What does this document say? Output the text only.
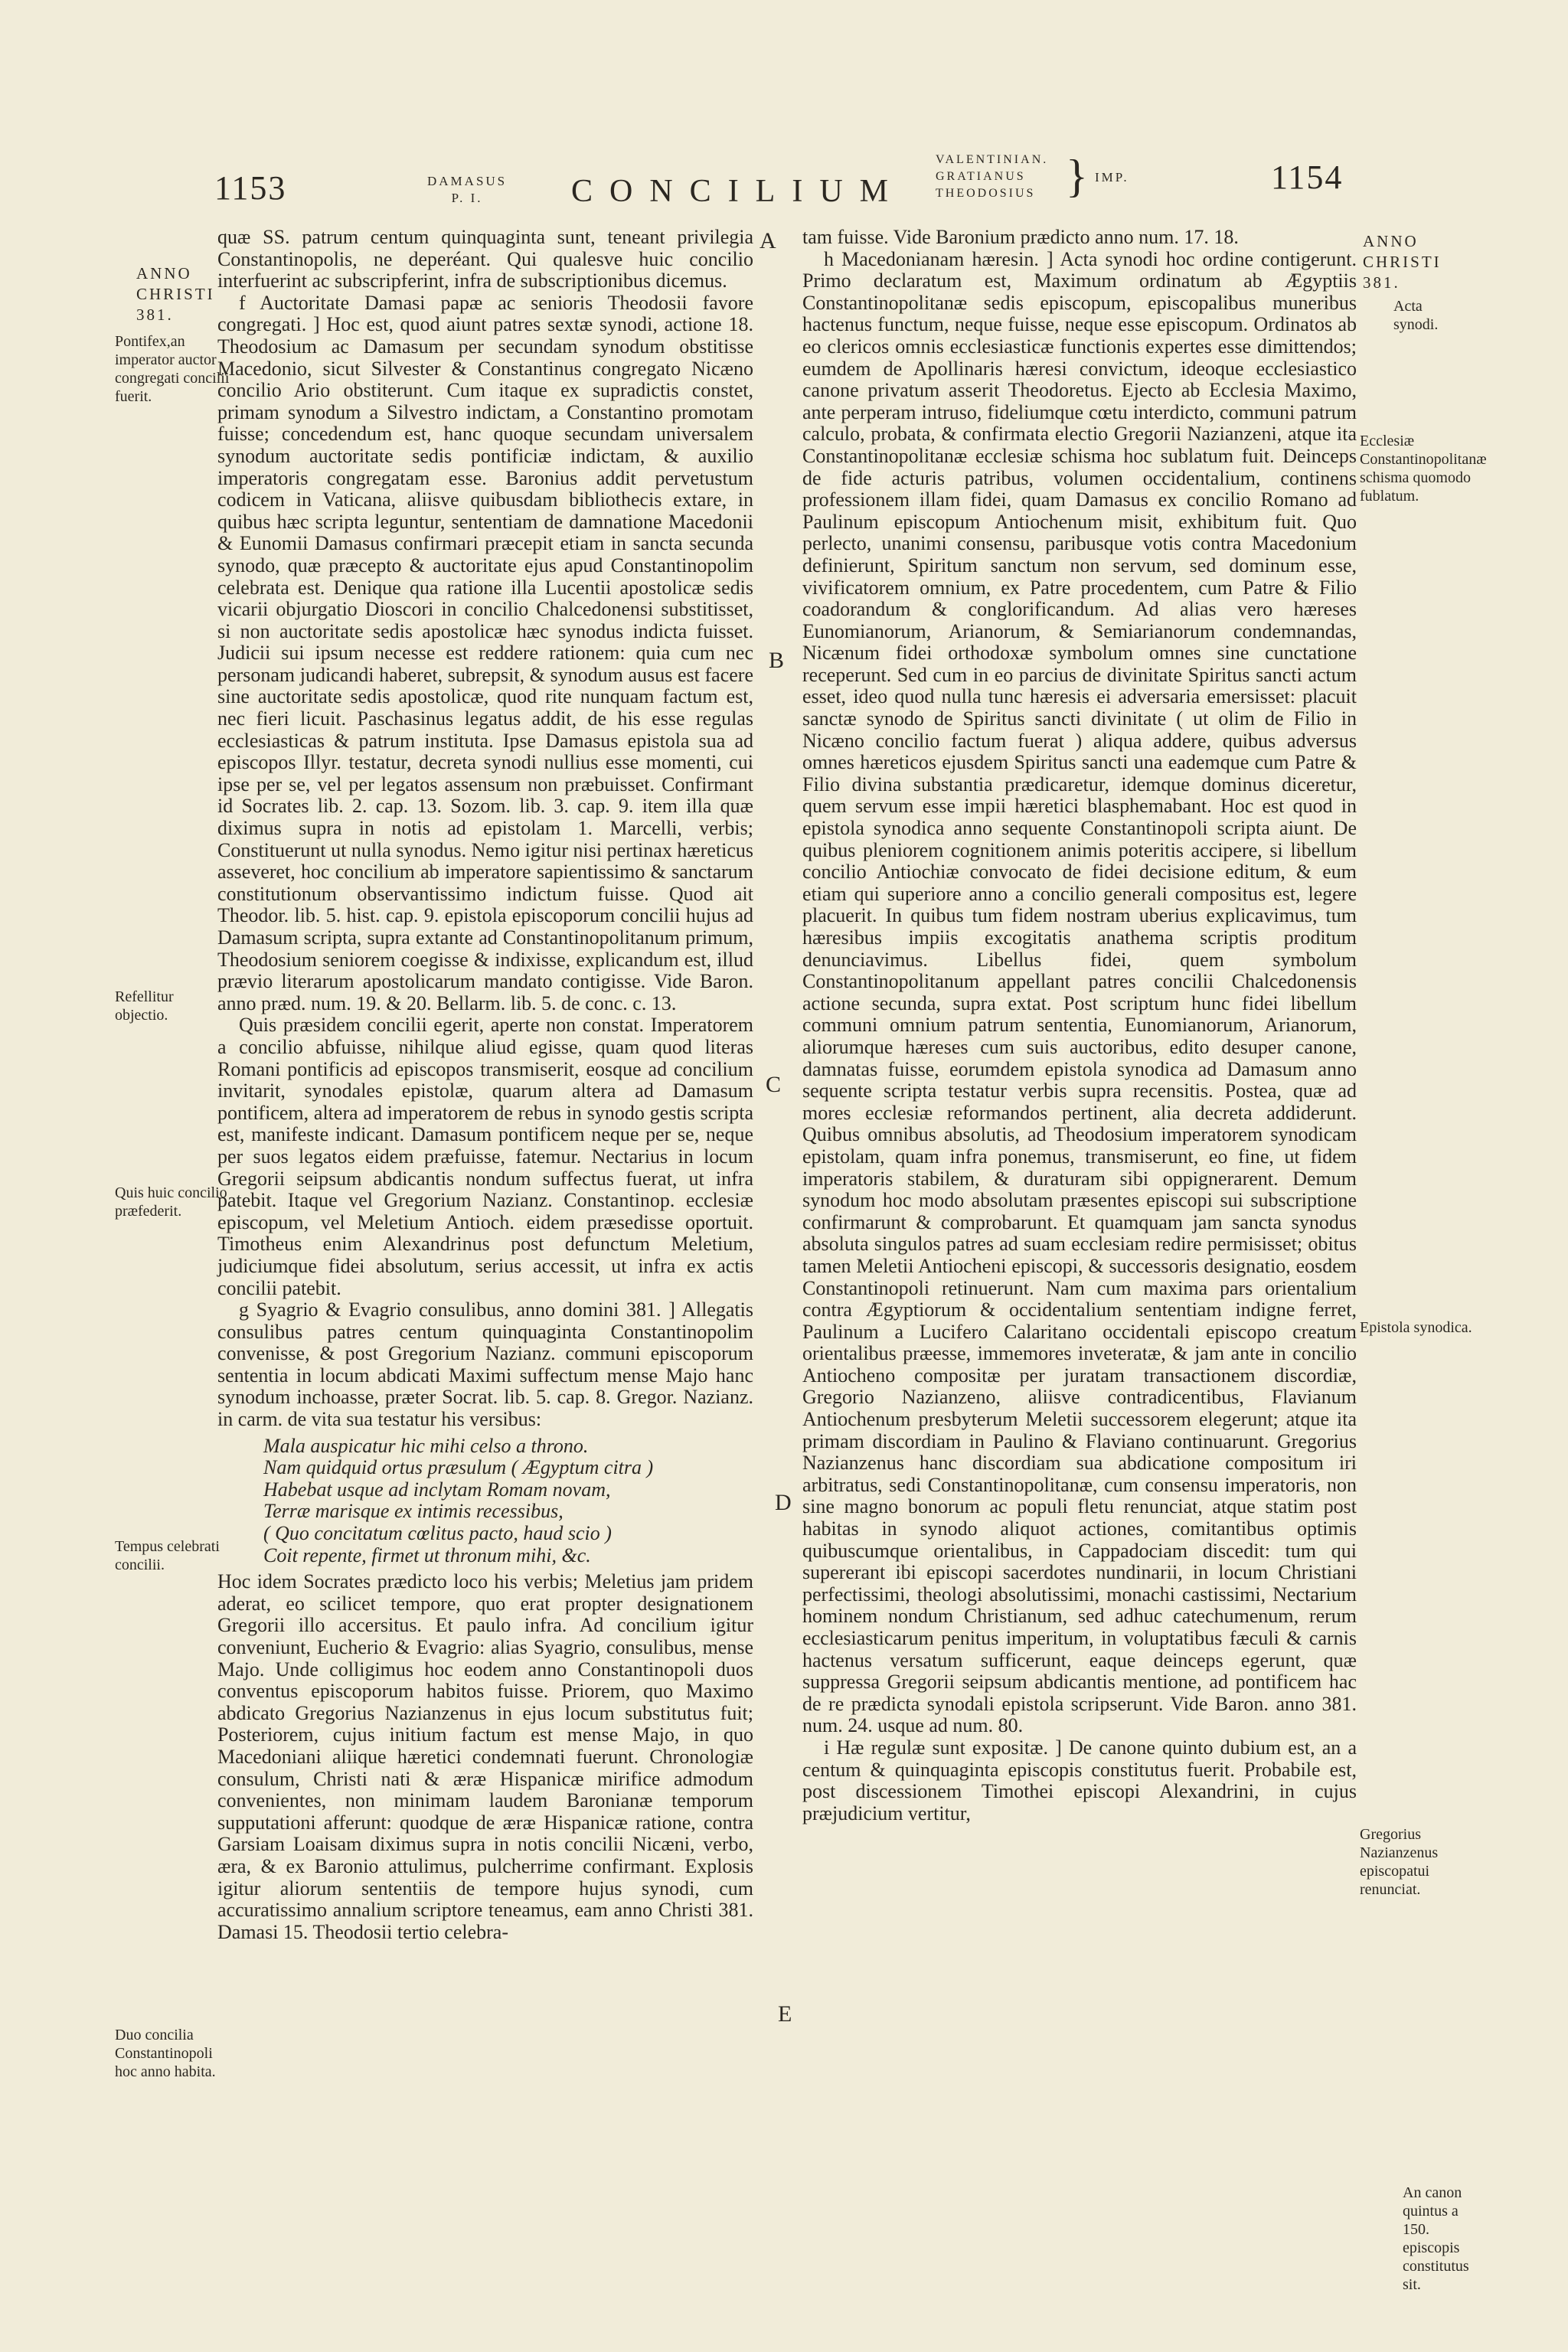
1153	DAMASUS
P. I.	CONCILIUM
VALENTINIAN.
GRATIANUS
THEODOSIUS } IMP.	1154
A
B
C
D
E
ANNO
CHRISTI
381.
Pontifex,an imperator auctor congregati concilii fuerit.
Refellitur objectio.
Quis huic concilio præfederit.
Tempus celebrati concilii.
Duo concilia Constantinopoli hoc anno habita.
ANNO
CHRISTI
381.
Acta synodi.
Ecclesiæ Constantinopolitanæ schisma quomodo fublatum.
Epistola synodica.
Gregorius Nazianzenus episcopatui renunciat.
An canon quintus a 150. episcopis constitutus sit.

quæ SS. patrum centum quinquaginta sunt, teneant privilegia Constantinopolis, ne deperéant. Qui qualesve huic concilio interfuerint ac subscripferint, infra de subscriptionibus dicemus.

f Auctoritate Damasi papæ ac senioris Theodosii favore congregati. ] Hoc est, quod aiunt patres sextæ synodi, actione 18. Theodosium ac Damasum per secundam synodum obstitisse Macedonio, sicut Silvester & Constantinus congregato Nicæno concilio Ario obstiterunt. Cum itaque ex supradictis constet, primam synodum a Silvestro indictam, a Constantino promotam fuisse; concedendum est, hanc quoque secundam universalem synodum auctoritate sedis pontificiæ indictam, & auxilio imperatoris congregatam esse. Baronius addit pervetustum codicem in Vaticana, aliisve quibusdam bibliothecis extare, in quibus hæc scripta leguntur, sententiam de damnatione Macedonii & Eunomii Damasus confirmari præcepit etiam in sancta secunda synodo, quæ præcepto & auctoritate ejus apud Constantinopolim celebrata est. Denique qua ratione illa Lucentii apostolicæ sedis vicarii objurgatio Dioscori in concilio Chalcedonensi substitisset, si non auctoritate sedis apostolicæ hæc synodus indicta fuisset. Judicii sui ipsum necesse est reddere rationem: quia cum nec personam judicandi haberet, subrepsit, & synodum ausus est facere sine auctoritate sedis apostolicæ, quod rite nunquam factum est, nec fieri licuit. Paschasinus legatus addit, de his esse regulas ecclesiasticas & patrum instituta. Ipse Damasus epistola sua ad episcopos Illyr. testatur, decreta synodi nullius esse momenti, cui ipse per se, vel per legatos assensum non præbuisset. Confirmant id Socrates lib. 2. cap. 13. Sozom. lib. 3. cap. 9. item illa quæ diximus supra in notis ad epistolam 1. Marcelli, verbis; Constituerunt ut nulla synodus. Nemo igitur nisi pertinax hæreticus asseveret, hoc concilium ab imperatore sapientissimo & sanctarum constitutionum observantissimo indictum fuisse. Quod ait Theodor. lib. 5. hist. cap. 9. epistola episcoporum concilii hujus ad Damasum scripta, supra extante ad Constantinopolitanum primum, Theodosium seniorem coegisse & indixisse, explicandum est, illud prævio literarum apostolicarum mandato contigisse. Vide Baron. anno præd. num. 19. & 20. Bellarm. lib. 5. de conc. c. 13.

Quis præsidem concilii egerit, aperte non constat. Imperatorem a concilio abfuisse, nihilque aliud egisse, quam quod literas Romani pontificis ad episcopos transmiserit, eosque ad concilium invitarit, synodales epistolæ, quarum altera ad Damasum pontificem, altera ad imperatorem de rebus in synodo gestis scripta est, manifeste indicant. Damasum pontificem neque per se, neque per suos legatos eidem præfuisse, fatemur. Nectarius in locum Gregorii seipsum abdicantis nondum suffectus fuerat, ut infra patebit. Itaque vel Gregorium Nazianz. Constantinop. ecclesiæ episcopum, vel Meletium Antioch. eidem præsedisse oportuit. Timotheus enim Alexandrinus post defunctum Meletium, judiciumque fidei absolutum, serius accessit, ut infra ex actis concilii patebit.

g Syagrio & Evagrio consulibus, anno domini 381. ] Allegatis consulibus patres centum quinquaginta Constantinopolim convenisse, & post Gregorium Nazianz. communi episcoporum sententia in locum abdicati Maximi suffectum mense Majo hanc synodum inchoasse, præter Socrat. lib. 5. cap. 8. Gregor. Nazianz. in carm. de vita sua testatur his versibus:

Mala auspicatur hic mihi celso a throno.
Nam quidquid ortus præsulum ( Ægyptum citra )
Habebat usque ad inclytam Romam novam,
Terræ marisque ex intimis recessibus,
( Quo concitatum cœlitus pacto, haud scio )
Coit repente, firmet ut thronum mihi, &c.

Hoc idem Socrates prædicto loco his verbis; Meletius jam pridem aderat, eo scilicet tempore, quo erat propter designationem Gregorii illo accersitus. Et paulo infra. Ad concilium igitur conveniunt, Eucherio & Evagrio: alias Syagrio, consulibus, mense Majo. Unde colligimus hoc eodem anno Constantinopoli duos conventus episcoporum habitos fuisse. Priorem, quo Maximo abdicato Gregorius Nazianzenus in ejus locum substitutus fuit; Posteriorem, cujus initium factum est mense Majo, in quo Macedoniani aliique hæretici condemnati fuerunt. Chronologiæ consulum, Christi nati & æræ Hispanicæ mirifice admodum convenientes, non minimam laudem Baronianæ temporum supputationi afferunt: quodque de æræ Hispanicæ ratione, contra Garsiam Loaisam diximus supra in notis concilii Nicæni, verbo, æra, & ex Baronio attulimus, pulcherrime confirmant. Explosis igitur aliorum sententiis de tempore hujus synodi, cum accuratissimo annalium scriptore teneamus, eam anno Christi 381. Damasi 15. Theodosii tertio celebra-

tam fuisse. Vide Baronium prædicto anno num. 17. 18.

h Macedonianam hæresin. ] Acta synodi hoc ordine contigerunt. Primo declaratum est, Maximum ordinatum ab Ægyptiis Constantinopolitanæ sedis episcopum, episcopalibus muneribus hactenus functum, neque fuisse, neque esse episcopum. Ordinatos ab eo clericos omnis ecclesiasticæ functionis expertes esse dimittendos; eumdem de Apollinaris hæresi convictum, ideoque ecclesiastico canone privatum asserit Theodoretus. Ejecto ab Ecclesia Maximo, ante perperam intruso, fideliumque cœtu interdicto, communi patrum calculo, probata, & confirmata electio Gregorii Nazianzeni, atque ita Constantinopolitanæ ecclesiæ schisma hoc sublatum fuit. Deinceps de fide acturis patribus, volumen occidentalium, continens professionem illam fidei, quam Damasus ex concilio Romano ad Paulinum episcopum Antiochenum misit, exhibitum fuit. Quo perlecto, unanimi consensu, paribusque votis contra Macedonium definierunt, Spiritum sanctum non servum, sed dominum esse, vivificatorem omnium, ex Patre procedentem, cum Patre & Filio coadorandum & conglorificandum. Ad alias vero hæreses Eunomianorum, Arianorum, & Semiarianorum condemnandas, Nicænum fidei orthodoxæ symbolum omnes sine cunctatione receperunt. Sed cum in eo parcius de divinitate Spiritus sancti actum esset, ideo quod nulla tunc hæresis ei adversaria emersisset: placuit sanctæ synodo de Spiritus sancti divinitate ( ut olim de Filio in Nicæno concilio factum fuerat ) aliqua addere, quibus adversus omnes hæreticos ejusdem Spiritus sancti una eademque cum Patre & Filio divina substantia prædicaretur, idemque dominus diceretur, quem servum esse impii hæretici blasphemabant. Hoc est quod in epistola synodica anno sequente Constantinopoli scripta aiunt. De quibus pleniorem cognitionem animis poteritis accipere, si libellum concilio Antiochiæ convocato de fidei decisione editum, & eum etiam qui superiore anno a concilio generali compositus est, legere placuerit. In quibus tum fidem nostram uberius explicavimus, tum hæresibus impiis excogitatis anathema scriptis proditum denunciavimus. Libellus fidei, quem symbolum Constantinopolitanum appellant patres concilii Chalcedonensis actione secunda, supra extat. Post scriptum hunc fidei libellum communi omnium patrum sententia, Eunomianorum, Arianorum, aliorumque hæreses cum suis auctoribus, edito desuper canone, damnatas fuisse, eorumdem epistola synodica ad Damasum anno sequente scripta testatur verbis supra recensitis. Postea, quæ ad mores ecclesiæ reformandos pertinent, alia decreta addiderunt. Quibus omnibus absolutis, ad Theodosium imperatorem synodicam epistolam, quam infra ponemus, transmiserunt, eo fine, ut fidem imperatoris stabilem, & duraturam sibi oppignerarent. Demum synodum hoc modo absolutam præsentes episcopi sui subscriptione confirmarunt & comprobarunt. Et quamquam jam sancta synodus absoluta singulos patres ad suam ecclesiam redire permisisset; obitus tamen Meletii Antiocheni episcopi, & successoris designatio, eosdem Constantinopoli retinuerunt. Nam cum maxima pars orientalium contra Ægyptiorum & occidentalium sententiam indigne ferret, Paulinum a Lucifero Calaritano occidentali episcopo creatum orientalibus præesse, immemores inveteratæ, & jam ante in concilio Antiocheno compositæ per juratam transactionem discordiæ, Gregorio Nazianzeno, aliisve contradicentibus, Flavianum Antiochenum presbyterum Meletii successorem elegerunt; atque ita primam discordiam in Paulino & Flaviano continuarunt. Gregorius Nazianzenus hanc discordiam sua abdicatione compositum iri arbitratus, sedi Constantinopolitanæ, cum consensu imperatoris, non sine magno bonorum ac populi fletu renunciat, atque statim post habitas in synodo aliquot actiones, comitantibus optimis quibuscumque orientalibus, in Cappadociam discedit: tum qui supererant ibi episcopi sacerdotes nundinarii, in locum Christiani perfectissimi, theologi absolutissimi, monachi castissimi, Nectarium hominem nondum Christianum, sed adhuc catechumenum, rerum ecclesiasticarum penitus imperitum, in voluptatibus fæculi & carnis hactenus versatum sufficerunt, eaque deinceps egerunt, quæ suppressa Gregorii seipsum abdicantis mentione, ad pontificem hac de re prædicta synodali epistola scripserunt. Vide Baron. anno 381. num. 24. usque ad num. 80.

i Hæ regulæ sunt expositæ. ] De canone quinto dubium est, an a centum & quinquaginta episcopis constitutus fuerit. Probabile est, post discessionem Timothei episcopi Alexandrini, in cujus præjudicium vertitur,
